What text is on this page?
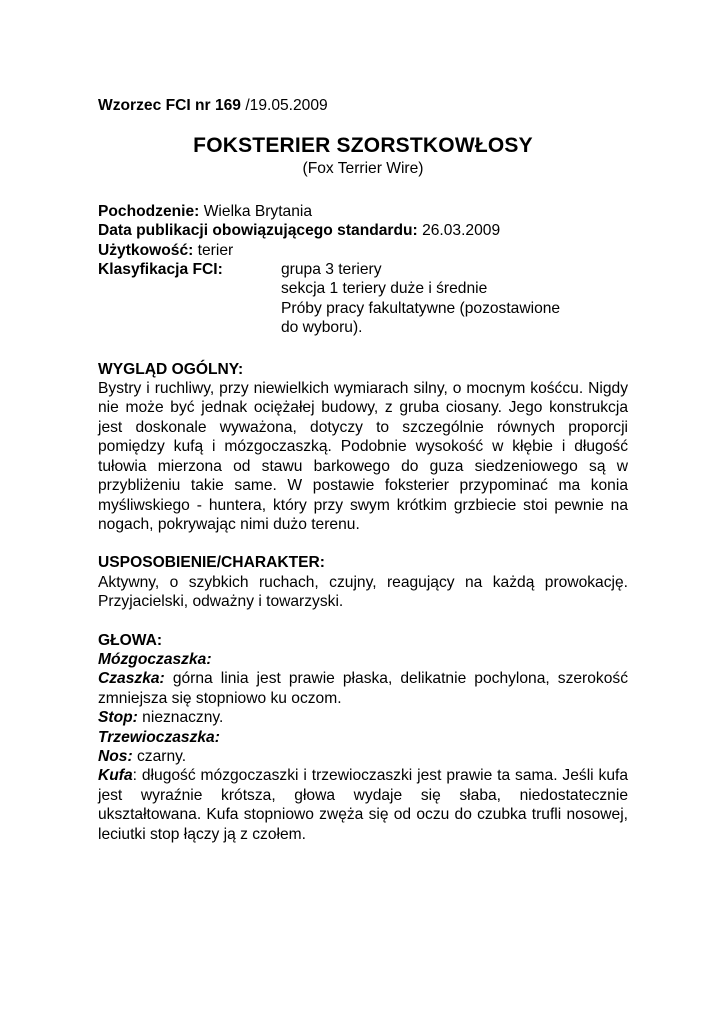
Wzorzec FCI nr 169 /19.05.2009

FOKSTERIER SZORSTKOWŁOSY

(Fox Terrier Wire)

Pochodzenie: Wielka Brytania

Data publikacji obowiązującego standardu: 26.03.2009

Użytkowość: terier

Klasyfikacja FCI:	grupa 3 teriery

sekcja 1 teriery duże i średnie

Próby pracy fakultatywne (pozostawione

do wyboru).

WYGLĄD OGÓLNY:

Bystry i ruchliwy, przy niewielkich wymiarach silny, o mocnym kośćcu. Nigdy nie może być jednak ociężałej budowy, z gruba ciosany. Jego konstrukcja jest doskonale wyważona, dotyczy to szczególnie równych proporcji pomiędzy kufą i mózgoczaszką. Podobnie wysokość w kłębie i długość tułowia mierzona od stawu barkowego do guza siedzeniowego są w przybliżeniu takie same. W postawie foksterier przypominać ma konia myśliwskiego - huntera, który przy swym krótkim grzbiecie stoi pewnie na nogach, pokrywając nimi dużo terenu.

USPOSOBIENIE/CHARAKTER:

Aktywny, o szybkich ruchach, czujny, reagujący na każdą prowokację. Przyjacielski, odważny i towarzyski.

GŁOWA:

Mózgoczaszka:

Czaszka: górna linia jest prawie płaska, delikatnie pochylona, szerokość zmniejsza się stopniowo ku oczom.

Stop: nieznaczny.

Trzewioczaszka:

Nos: czarny.

Kufa: długość mózgoczaszki i trzewioczaszki jest prawie ta sama. Jeśli kufa jest wyraźnie krótsza, głowa wydaje się słaba, niedostatecznie ukształtowana. Kufa stopniowo zwęża się od oczu do czubka trufli nosowej, leciutki stop łączy ją z czołem.
